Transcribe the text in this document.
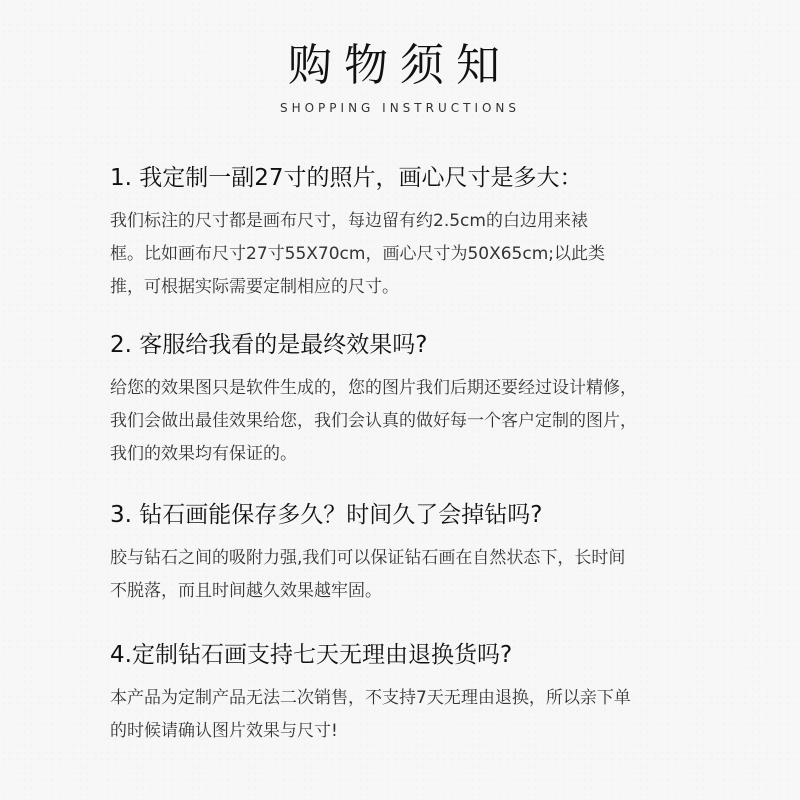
购物须知
SHOPPING INSTRUCTIONS
1. 我定制一副27寸的照片，画心尺寸是多大：
我们标注的尺寸都是画布尺寸，每边留有约2.5cm的白边用来裱
框。比如画布尺寸27寸55X70cm，画心尺寸为50X65cm;以此类
推，可根据实际需要定制相应的尺寸。
2. 客服给我看的是最终效果吗?
给您的效果图只是软件生成的，您的图片我们后期还要经过设计精修，
我们会做出最佳效果给您，我们会认真的做好每一个客户定制的图片，
我们的效果均有保证的。
3. 钻石画能保存多久？时间久了会掉钻吗?
胶与钻石之间的吸附力强,我们可以保证钻石画在自然状态下，长时间
不脱落，而且时间越久效果越牢固。
4.定制钻石画支持七天无理由退换货吗?
本产品为定制产品无法二次销售，不支持7天无理由退换，所以亲下单
的时候请确认图片效果与尺寸!
